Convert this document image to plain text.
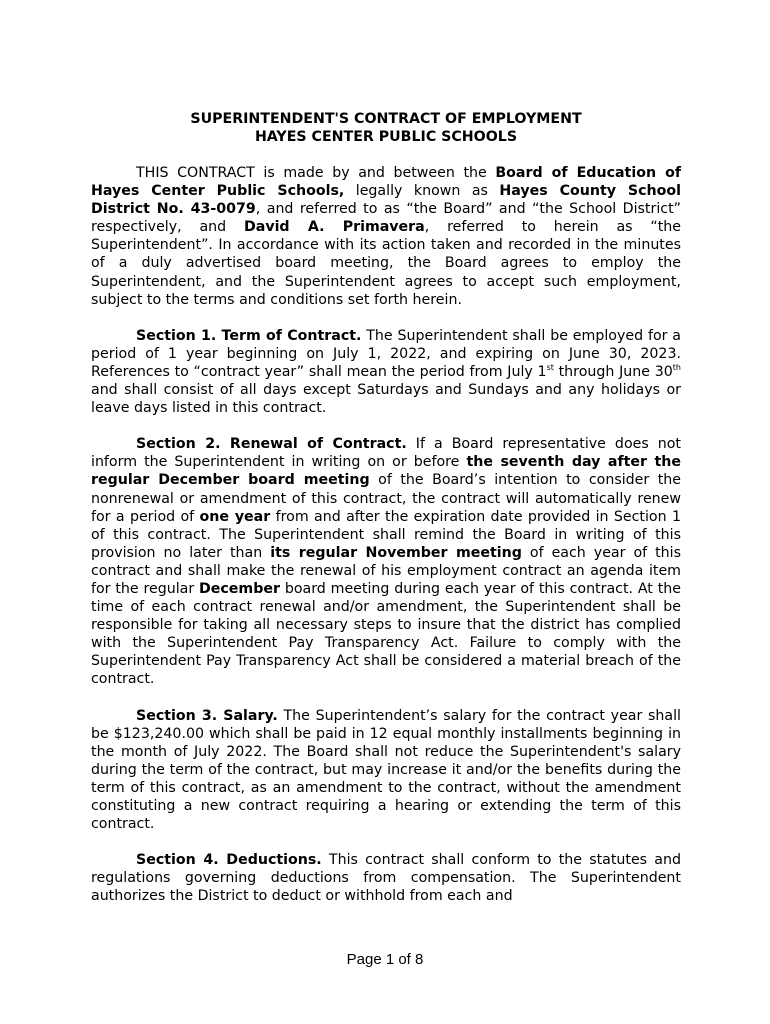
SUPERINTENDENT'S CONTRACT OF EMPLOYMENT

HAYES CENTER PUBLIC SCHOOLS

THIS CONTRACT is made by and between the Board of Education of Hayes Center Public Schools, legally known as Hayes County School District No. 43-0079, and referred to as “the Board” and “the School District” respectively, and David A. Primavera, referred to herein as “the Superintendent”. In accordance with its action taken and recorded in the minutes of a duly advertised board meeting, the Board agrees to employ the Superintendent, and the Superintendent agrees to accept such employment, subject to the terms and conditions set forth herein.

Section 1. Term of Contract. The Superintendent shall be employed for a period of 1 year beginning on July 1, 2022, and expiring on June 30, 2023. References to “contract year” shall mean the period from July 1st through June 30th and shall consist of all days except Saturdays and Sundays and any holidays or leave days listed in this contract.

Section 2. Renewal of Contract. If a Board representative does not inform the Superintendent in writing on or before the seventh day after the regular December board meeting of the Board’s intention to consider the nonrenewal or amendment of this contract, the contract will automatically renew for a period of one year from and after the expiration date provided in Section 1 of this contract. The Superintendent shall remind the Board in writing of this provision no later than its regular November meeting of each year of this contract and shall make the renewal of his employment contract an agenda item for the regular December board meeting during each year of this contract. At the time of each contract renewal and/or amendment, the Superintendent shall be responsible for taking all necessary steps to insure that the district has complied with the Superintendent Pay Transparency Act. Failure to comply with the Superintendent Pay Transparency Act shall be considered a material breach of the contract.

Section 3. Salary. The Superintendent’s salary for the contract year shall be $123,240.00 which shall be paid in 12 equal monthly installments beginning in the month of July 2022. The Board shall not reduce the Superintendent's salary during the term of the contract, but may increase it and/or the benefits during the term of this contract, as an amendment to the contract, without the amendment constituting a new contract requiring a hearing or extending the term of this contract.

Section 4. Deductions. This contract shall conform to the statutes and regulations governing deductions from compensation. The Superintendent authorizes the District to deduct or withhold from each and

Page 1 of 8
